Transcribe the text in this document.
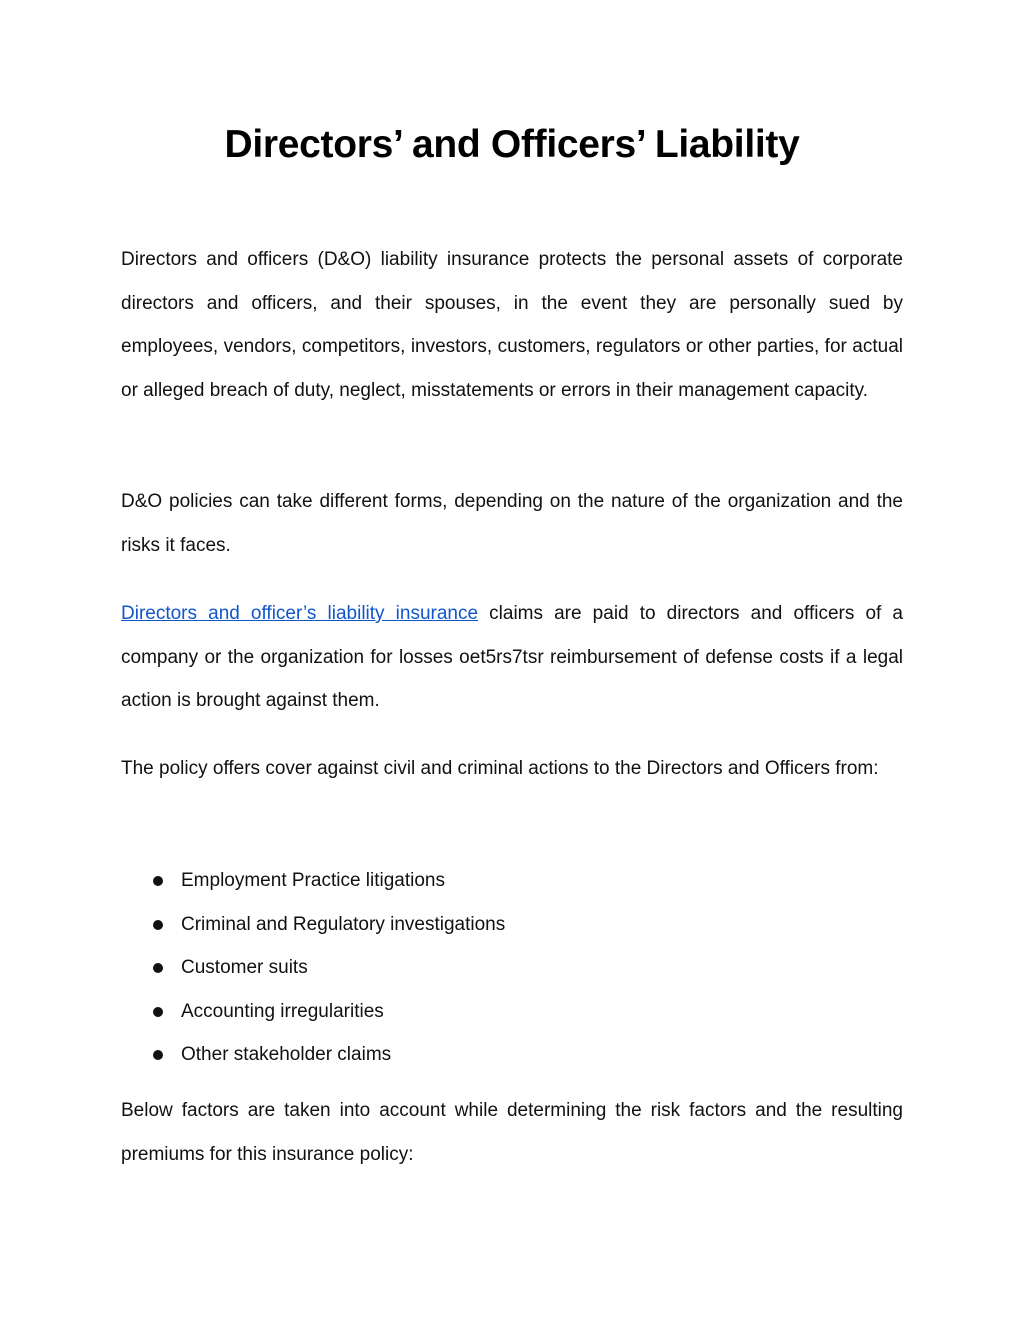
Directors’ and Officers’ Liability

Directors and officers (D&O) liability insurance protects the personal assets of corporate directors and officers, and their spouses, in the event they are personally sued by employees, vendors, competitors, investors, customers, regulators or other parties, for actual or alleged breach of duty, neglect, misstatements or errors in their management capacity.

D&O policies can take different forms, depending on the nature of the organization and the risks it faces.

Directors and officer’s liability insurance claims are paid to directors and officers of a company or the organization for losses oet5rs7tsr reimbursement of defense costs if a legal action is brought against them.

The policy offers cover against civil and criminal actions to the Directors and Officers from:

Employment Practice litigations
Criminal and Regulatory investigations
Customer suits
Accounting irregularities
Other stakeholder claims

Below factors are taken into account while determining the risk factors and the resulting premiums for this insurance policy:
